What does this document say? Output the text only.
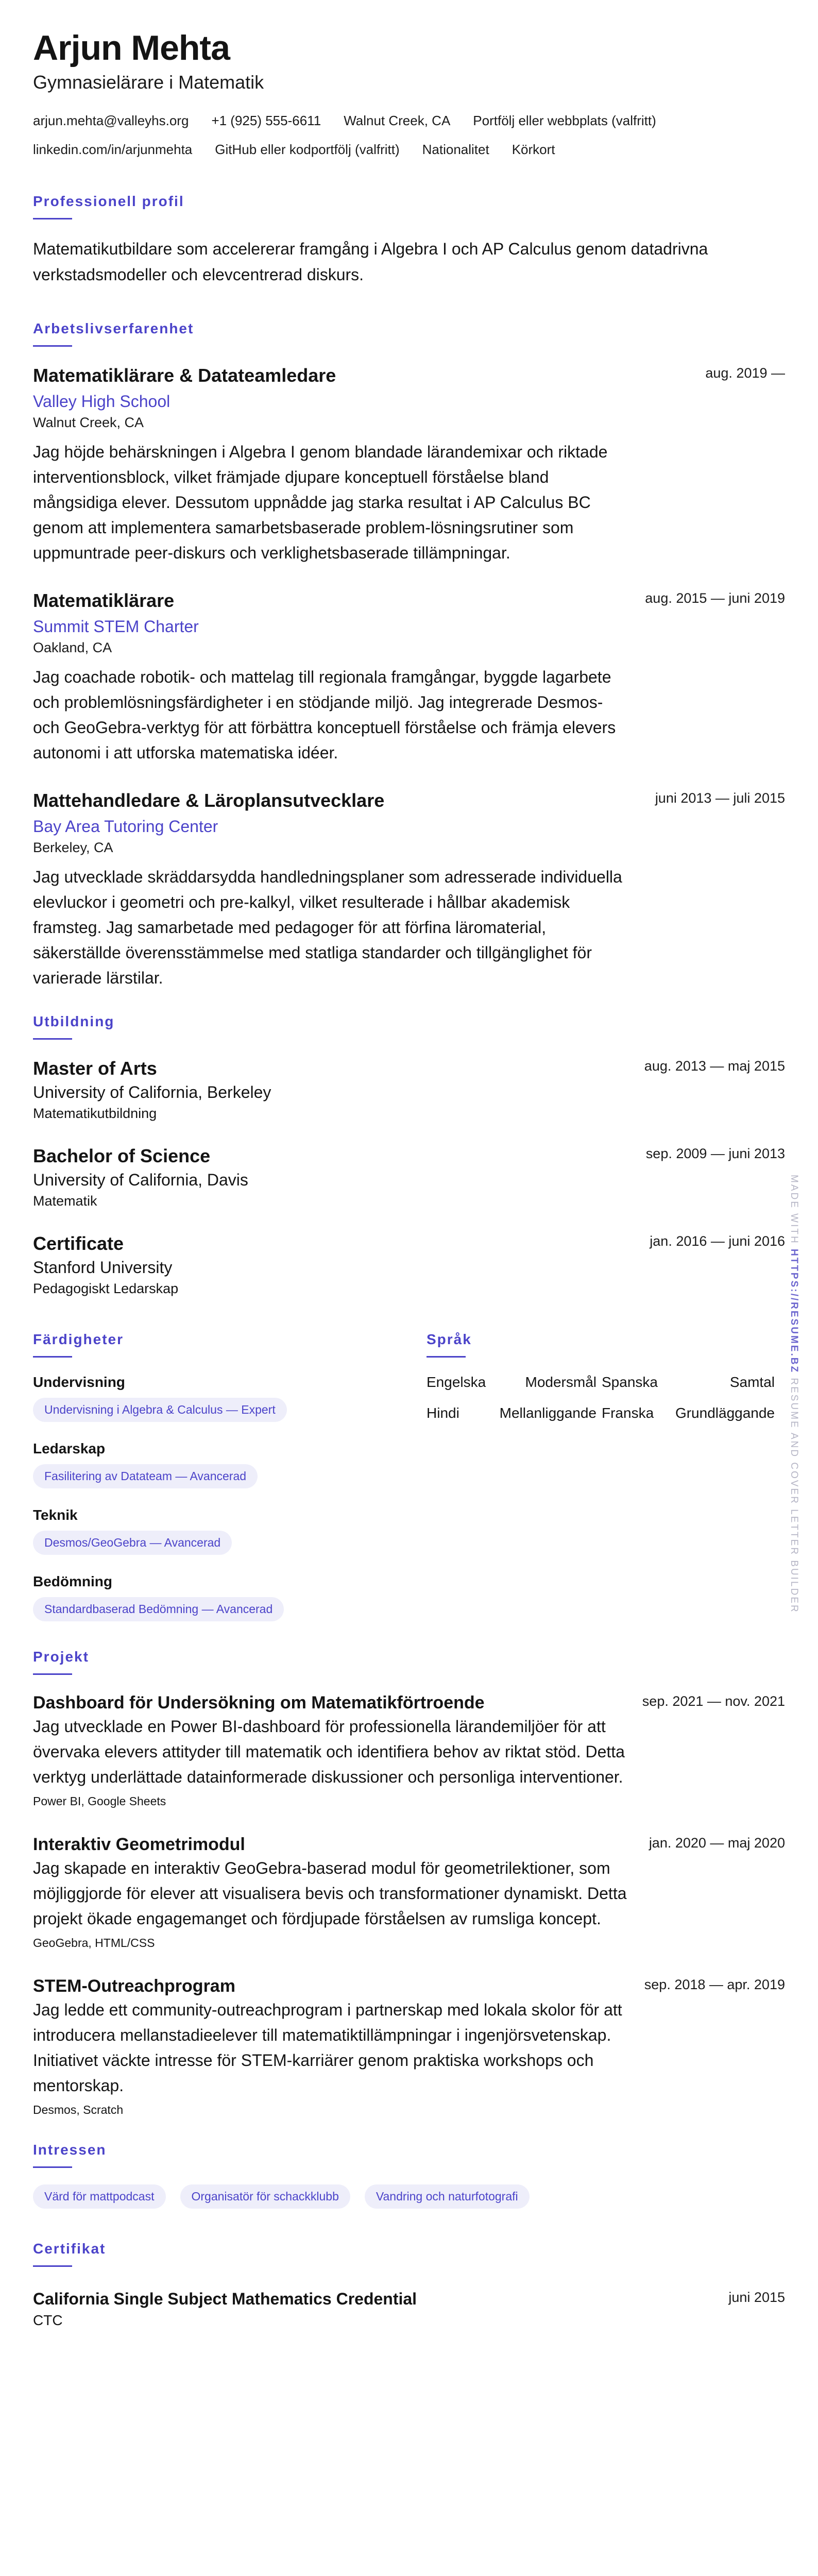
Arjun Mehta
Gymnasielärare i Matematik
arjun.mehta@valleyhs.org +1 (925) 555-6611 Walnut Creek, CA Portfölj eller webbplats (valfritt)
linkedin.com/in/arjunmehta GitHub eller kodportfölj (valfritt) Nationalitet Körkort
Professionell profil
Matematikutbildare som accelererar framgång i Algebra I och AP Calculus genom datadrivna verkstadsmodeller och elevcentrerad diskurs.
Arbetslivserfarenhet
Matematiklärare & Datateamledare	aug. 2019 —
Valley High School
Walnut Creek, CA
Jag höjde behärskningen i Algebra I genom blandade lärandemixar och riktade interventionsblock, vilket främjade djupare konceptuell förståelse bland mångsidiga elever. Dessutom uppnådde jag starka resultat i AP Calculus BC genom att implementera samarbetsbaserade problem-lösningsrutiner som uppmuntrade peer-diskurs och verklighetsbaserade tillämpningar.
Matematiklärare	aug. 2015 — juni 2019
Summit STEM Charter
Oakland, CA
Jag coachade robotik- och mattelag till regionala framgångar, byggde lagarbete och problemlösningsfärdigheter i en stödjande miljö. Jag integrerade Desmos- och GeoGebra-verktyg för att förbättra konceptuell förståelse och främja elevers autonomi i att utforska matematiska idéer.
Mattehandledare & Läroplansutvecklare	juni 2013 — juli 2015
Bay Area Tutoring Center
Berkeley, CA
Jag utvecklade skräddarsydda handledningsplaner som adresserade individuella elevluckor i geometri och pre-kalkyl, vilket resulterade i hållbar akademisk framsteg. Jag samarbetade med pedagoger för att förfina läromaterial, säkerställde överensstämmelse med statliga standarder och tillgänglighet för varierade lärstilar.
Utbildning
Master of Arts	aug. 2013 — maj 2015
University of California, Berkeley
Matematikutbildning
Bachelor of Science	sep. 2009 — juni 2013
University of California, Davis
Matematik
Certificate	jan. 2016 — juni 2016
Stanford University
Pedagogiskt Ledarskap
Färdigheter
Undervisning
Undervisning i Algebra & Calculus — Expert
Ledarskap
Fasilitering av Datateam — Avancerad
Teknik
Desmos/GeoGebra — Avancerad
Bedömning
Standardbaserad Bedömning — Avancerad
Språk
Engelska	Modersmål Spanska	Samtal
Hindi	Mellanliggande Franska	Grundläggande
Projekt
Dashboard för Undersökning om Matematikförtroende	sep. 2021 — nov. 2021
Jag utvecklade en Power BI-dashboard för professionella lärandemiljöer för att övervaka elevers attityder till matematik och identifiera behov av riktat stöd. Detta verktyg underlättade datainformerade diskussioner och personliga interventioner.
Power BI, Google Sheets
Interaktiv Geometrimodul	jan. 2020 — maj 2020
Jag skapade en interaktiv GeoGebra-baserad modul för geometrilektioner, som möjliggjorde för elever att visualisera bevis och transformationer dynamiskt. Detta projekt ökade engagemanget och fördjupade förståelsen av rumsliga koncept.
GeoGebra, HTML/CSS
STEM-Outreachprogram	sep. 2018 — apr. 2019
Jag ledde ett community-outreachprogram i partnerskap med lokala skolor för att introducera mellanstadieelever till matematiktillämpningar i ingenjörsvetenskap. Initiativet väckte intresse för STEM-karriärer genom praktiska workshops och mentorskap.
Desmos, Scratch
Intressen
Värd för mattpodcast	Organisatör för schackklubb	Vandring och naturfotografi
Certifikat
California Single Subject Mathematics Credential	juni 2015
CTC
MADE WITH HTTPS://RESUME.BZ RESUME AND COVER LETTER BUILDER
